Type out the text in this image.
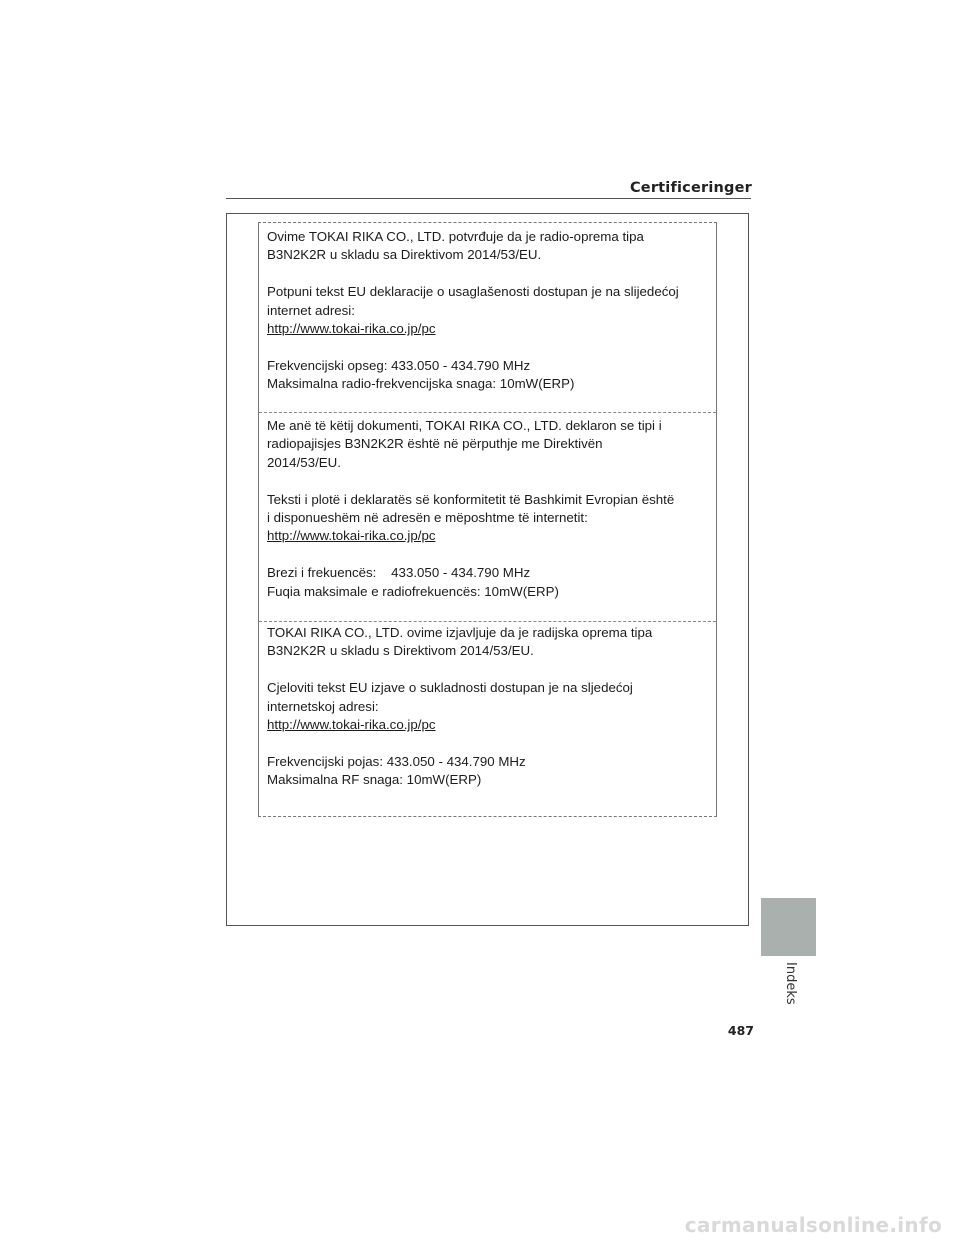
Certificeringer

Ovime TOKAI RIKA CO., LTD. potvrđuje da je radio-oprema tipa

B3N2K2R u skladu sa Direktivom 2014/53/EU.

Potpuni tekst EU deklaracije o usaglašenosti dostupan je na slijedećoj

internet adresi:

http://www.tokai-rika.co.jp/pc

Frekvencijski opseg: 433.050 - 434.790 MHz

Maksimalna radio-frekvencijska snaga: 10mW(ERP)

Me anë të këtij dokumenti, TOKAI RIKA CO., LTD. deklaron se tipi i

radiopajisjes B3N2K2R është në përputhje me Direktivën

2014/53/EU.

Teksti i plotë i deklaratës së konformitetit të Bashkimit Evropian është

i disponueshëm në adresën e mëposhtme të internetit:

http://www.tokai-rika.co.jp/pc

Brezi i frekuencës:    433.050 - 434.790 MHz

Fuqia maksimale e radiofrekuencës: 10mW(ERP)

TOKAI RIKA CO., LTD. ovime izjavljuje da je radijska oprema tipa

B3N2K2R u skladu s Direktivom 2014/53/EU.

Cjeloviti tekst EU izjave o sukladnosti dostupan je na sljedećoj

internetskoj adresi:

http://www.tokai-rika.co.jp/pc

Frekvencijski pojas: 433.050 - 434.790 MHz

Maksimalna RF snaga: 10mW(ERP)

Indeks
487
carmanualsonline.info
